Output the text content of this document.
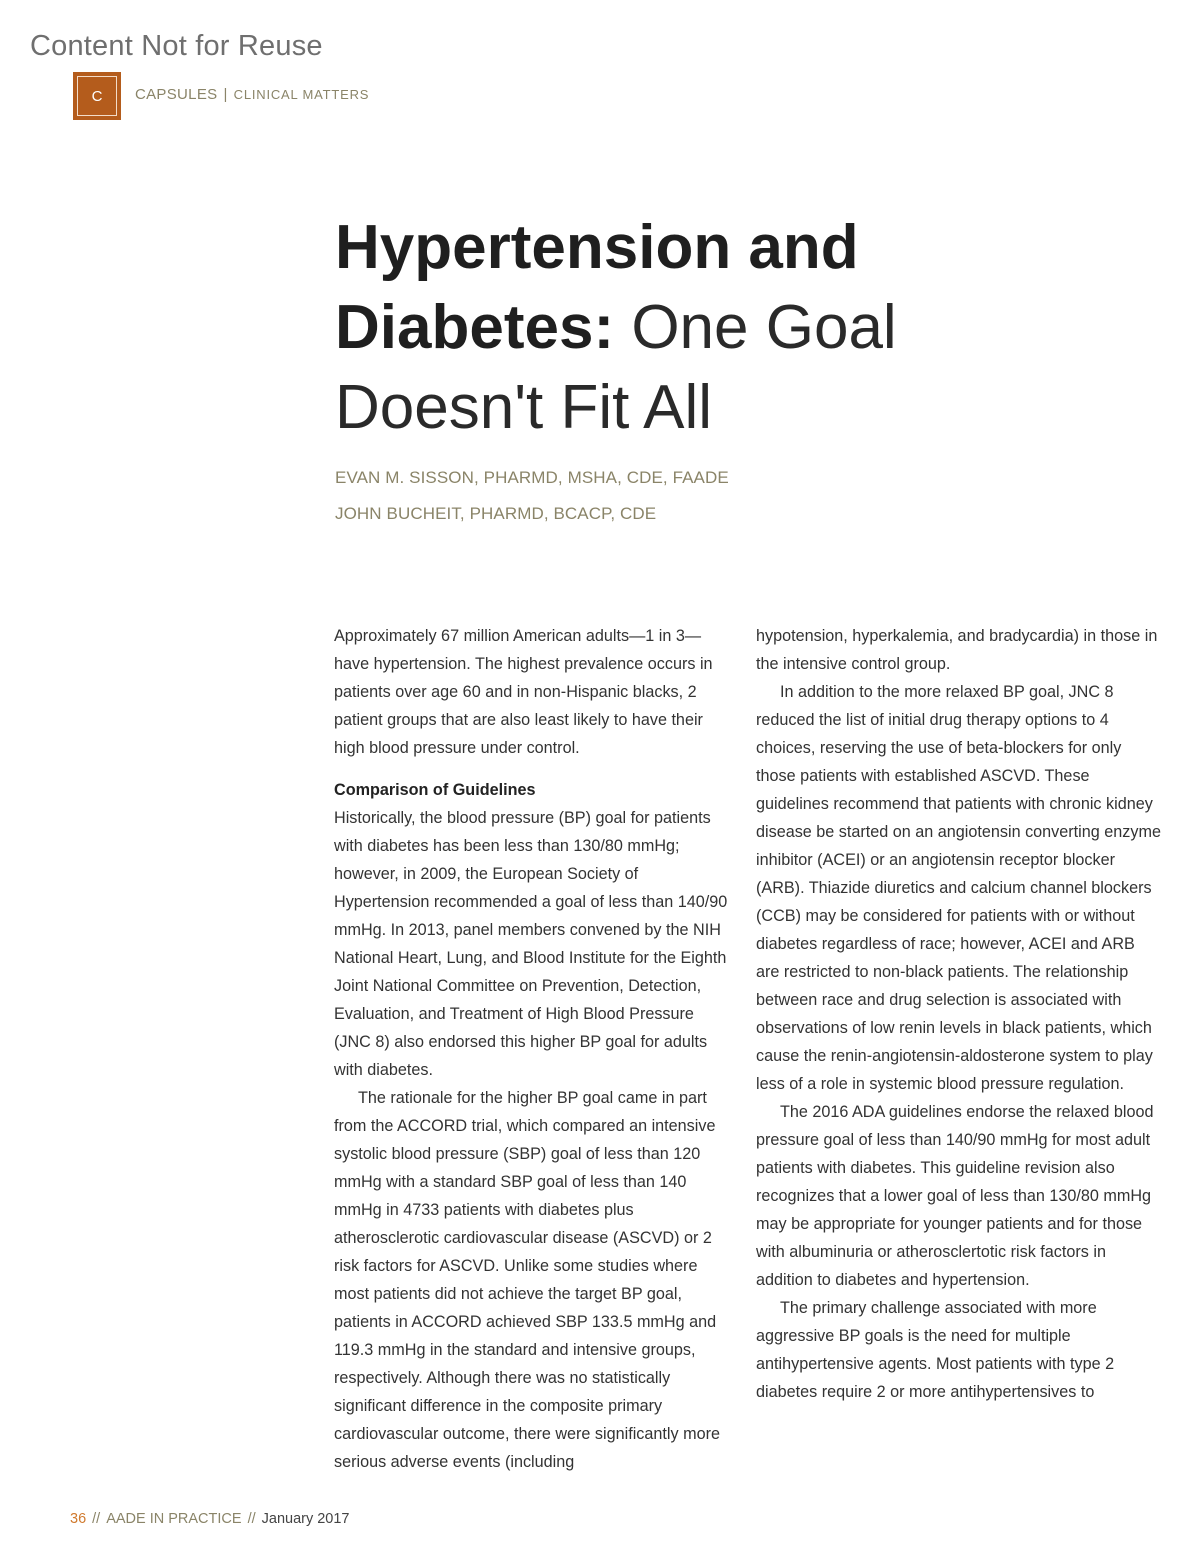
Content Not for Reuse
C	CAPSULES | CLINICAL MATTERS
Hypertension and Diabetes: One Goal Doesn't Fit All
EVAN M. SISSON, PHARMD, MSHA, CDE, FAADE
JOHN BUCHEIT, PHARMD, BCACP, CDE

Approximately 67 million American adults—1 in 3—have hypertension. The highest prevalence occurs in patients over age 60 and in non-Hispanic blacks, 2 patient groups that are also least likely to have their high blood pressure under control.

Comparison of Guidelines

Historically, the blood pressure (BP) goal for patients with diabetes has been less than 130/80 mmHg; however, in 2009, the European Society of Hypertension recommended a goal of less than 140/90 mmHg. In 2013, panel members convened by the NIH National Heart, Lung, and Blood Institute for the Eighth Joint National Committee on Prevention, Detection, Evaluation, and Treatment of High Blood Pressure (JNC 8) also endorsed this higher BP goal for adults with diabetes.

The rationale for the higher BP goal came in part from the ACCORD trial, which compared an intensive systolic blood pressure (SBP) goal of less than 120 mmHg with a standard SBP goal of less than 140 mmHg in 4733 patients with diabetes plus atherosclerotic cardiovascular disease (ASCVD) or 2 risk factors for ASCVD. Unlike some studies where most patients did not achieve the target BP goal, patients in ACCORD achieved SBP 133.5 mmHg and 119.3 mmHg in the standard and intensive groups, respectively. Although there was no statistically significant difference in the composite primary cardiovascular outcome, there were significantly more serious adverse events (including

hypotension, hyperkalemia, and bradycardia) in those in the intensive control group.

In addition to the more relaxed BP goal, JNC 8 reduced the list of initial drug therapy options to 4 choices, reserving the use of beta-blockers for only those patients with established ASCVD. These guidelines recommend that patients with chronic kidney disease be started on an angiotensin converting enzyme inhibitor (ACEI) or an angiotensin receptor blocker (ARB). Thiazide diuretics and calcium channel blockers (CCB) may be considered for patients with or without diabetes regardless of race; however, ACEI and ARB are restricted to non-black patients. The relationship between race and drug selection is associated with observations of low renin levels in black patients, which cause the renin-angiotensin-aldosterone system to play less of a role in systemic blood pressure regulation.

The 2016 ADA guidelines endorse the relaxed blood pressure goal of less than 140/90 mmHg for most adult patients with diabetes. This guideline revision also recognizes that a lower goal of less than 130/80 mmHg may be appropriate for younger patients and for those with albuminuria or atherosclertotic risk factors in addition to diabetes and hypertension.

The primary challenge associated with more aggressive BP goals is the need for multiple antihypertensive agents. Most patients with type 2 diabetes require 2 or more antihypertensives to

36 // AADE IN PRACTICE // January 2017
